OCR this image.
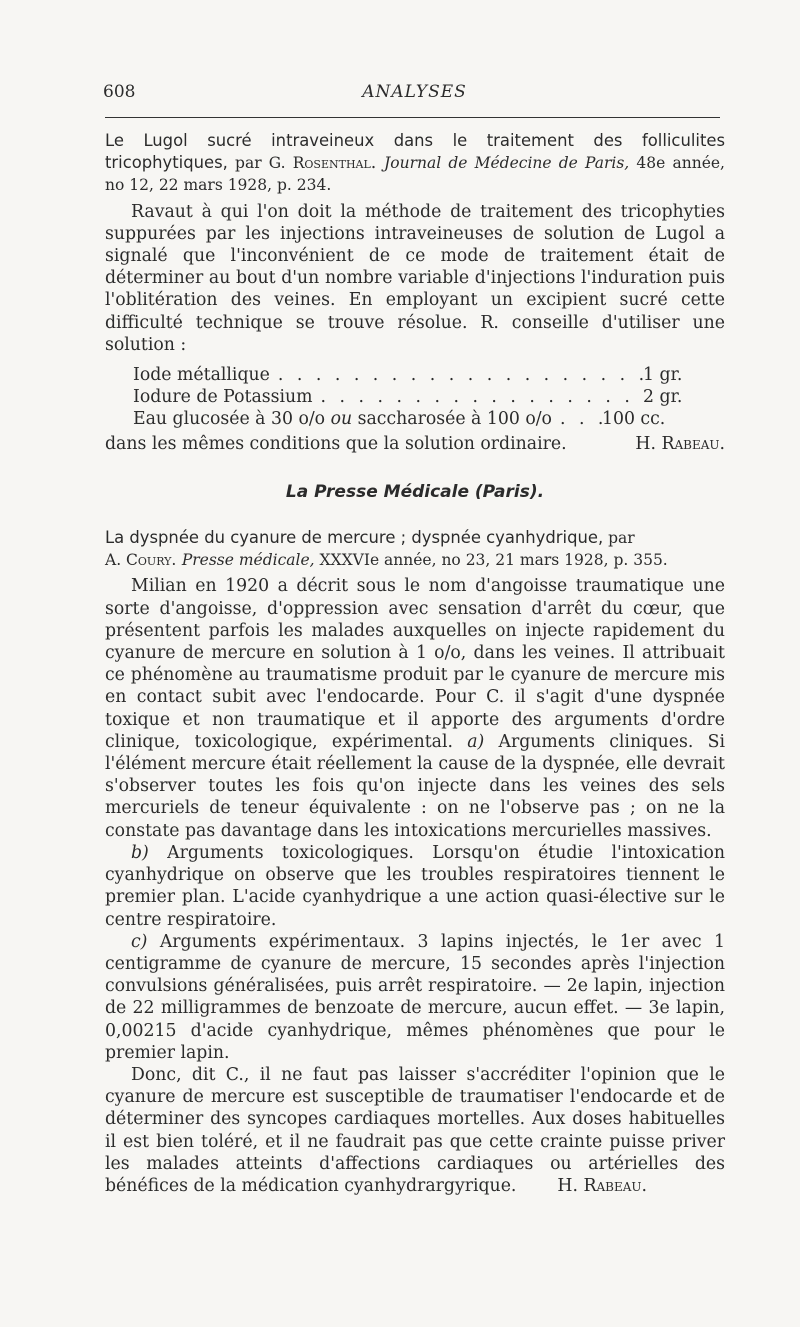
608	ANALYSES

Le Lugol sucré intraveineux dans le traitement des folliculites tricophytiques, par G. Rosenthal. Journal de Médecine de Paris, 48e année, no 12, 22 mars 1928, p. 234.

Ravaut à qui l'on doit la méthode de traitement des tricophyties suppurées par les injections intraveineuses de solution de Lugol a signalé que l'inconvénient de ce mode de traitement était de déterminer au bout d'un nombre variable d'injections l'induration puis l'oblitération des veines. En employant un excipient sucré cette difficulté technique se trouve résolue. R. conseille d'utiliser une solution :

Iode métallique . . .	1 gr.
Iodure de Potassium . . .	2 gr.
Eau glucosée à 30 o/o ou saccharosée à 100 o/o . . .	100 cc.

dans les mêmes conditions que la solution ordinaire.	H. Rabeau.

La Presse Médicale (Paris).

La dyspnée du cyanure de mercure ; dyspnée cyanhydrique, par
A. Coury. Presse médicale, XXXVIe année, no 23, 21 mars 1928, p. 355.

Milian en 1920 a décrit sous le nom d'angoisse traumatique une sorte d'angoisse, d'oppression avec sensation d'arrêt du cœur, que présentent parfois les malades auxquelles on injecte rapidement du cyanure de mercure en solution à 1 o/o, dans les veines. Il attribuait ce phénomène au traumatisme produit par le cyanure de mercure mis en contact subit avec l'endocarde. Pour C. il s'agit d'une dyspnée toxique et non traumatique et il apporte des arguments d'ordre clinique, toxicologique, expérimental. a) Arguments cliniques. Si l'élément mercure était réellement la cause de la dyspnée, elle devrait s'observer toutes les fois qu'on injecte dans les veines des sels mercuriels de teneur équivalente : on ne l'observe pas ; on ne la constate pas davantage dans les intoxications mercurielles massives.

b) Arguments toxicologiques. Lorsqu'on étudie l'intoxication cyanhydrique on observe que les troubles respiratoires tiennent le premier plan. L'acide cyanhydrique a une action quasi-élective sur le centre respiratoire.

c) Arguments expérimentaux. 3 lapins injectés, le 1er avec 1 centigramme de cyanure de mercure, 15 secondes après l'injection convulsions généralisées, puis arrêt respiratoire. — 2e lapin, injection de 22 milligrammes de benzoate de mercure, aucun effet. — 3e lapin, 0,00215 d'acide cyanhydrique, mêmes phénomènes que pour le premier lapin.

Donc, dit C., il ne faut pas laisser s'accréditer l'opinion que le cyanure de mercure est susceptible de traumatiser l'endocarde et de déterminer des syncopes cardiaques mortelles. Aux doses habituelles il est bien toléré, et il ne faudrait pas que cette crainte puisse priver les malades atteints d'affections cardiaques ou artérielles des bénéfices de la médication cyanhydrargyrique.	H. Rabeau.
